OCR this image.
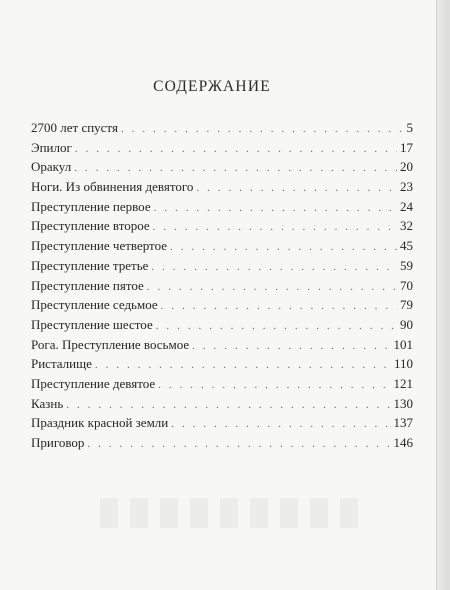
СОДЕРЖАНИЕ
2700 лет спустя . . .	5
Эпилог . . .	17
Оракул . . .	20
Ноги. Из обвинения девятого . . .	23
Преступление первое . . .	24
Преступление второе . . .	32
Преступление четвертое . . .	45
Преступление третье . . .	59
Преступление пятое . . .	70
Преступление седьмое . . .	79
Преступление шестое . . .	90
Рога. Преступление восьмое . . .	101
Ристалище . . .	110
Преступление девятое . . .	121
Казнь . . .	130
Праздник красной земли . . .	137
Приговор . . .	146
